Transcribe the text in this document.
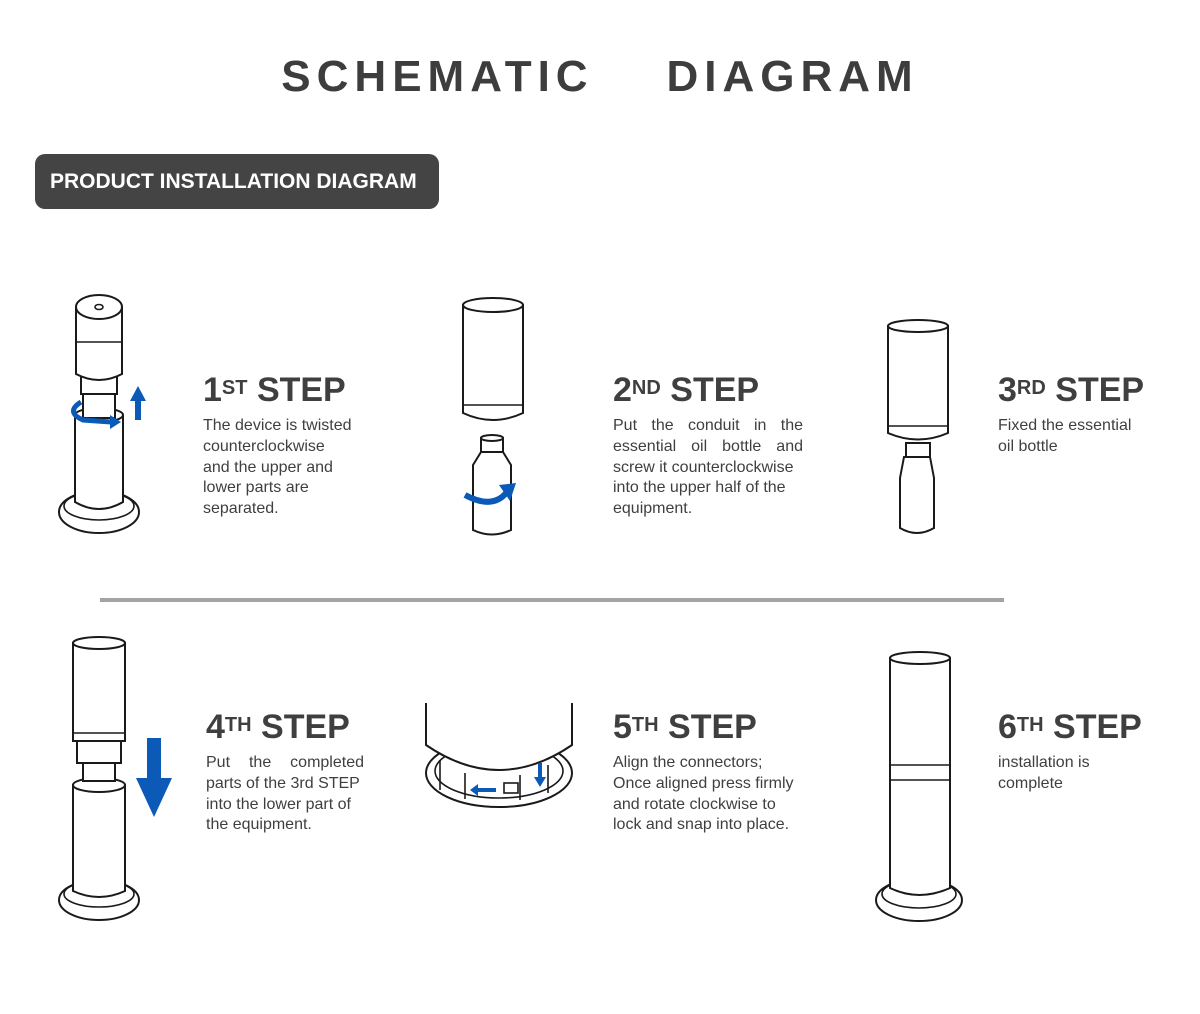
SCHEMATIC    DIAGRAM
PRODUCT INSTALLATION DIAGRAM
1ST STEP
The device is twisted
counterclockwise
and the upper and
lower parts are
separated.
2ND STEP
Put the conduit in the
essential oil bottle and
screw it counterclockwise
into the upper half of the
equipment.
3RD STEP
Fixed the essential
oil bottle
4TH STEP
Put the completed
parts of the 3rd STEP
into the lower part of
the equipment.
5TH STEP
Align the connectors;
Once aligned press firmly
and rotate clockwise to
lock and snap into place.
6TH STEP
installation is
complete
